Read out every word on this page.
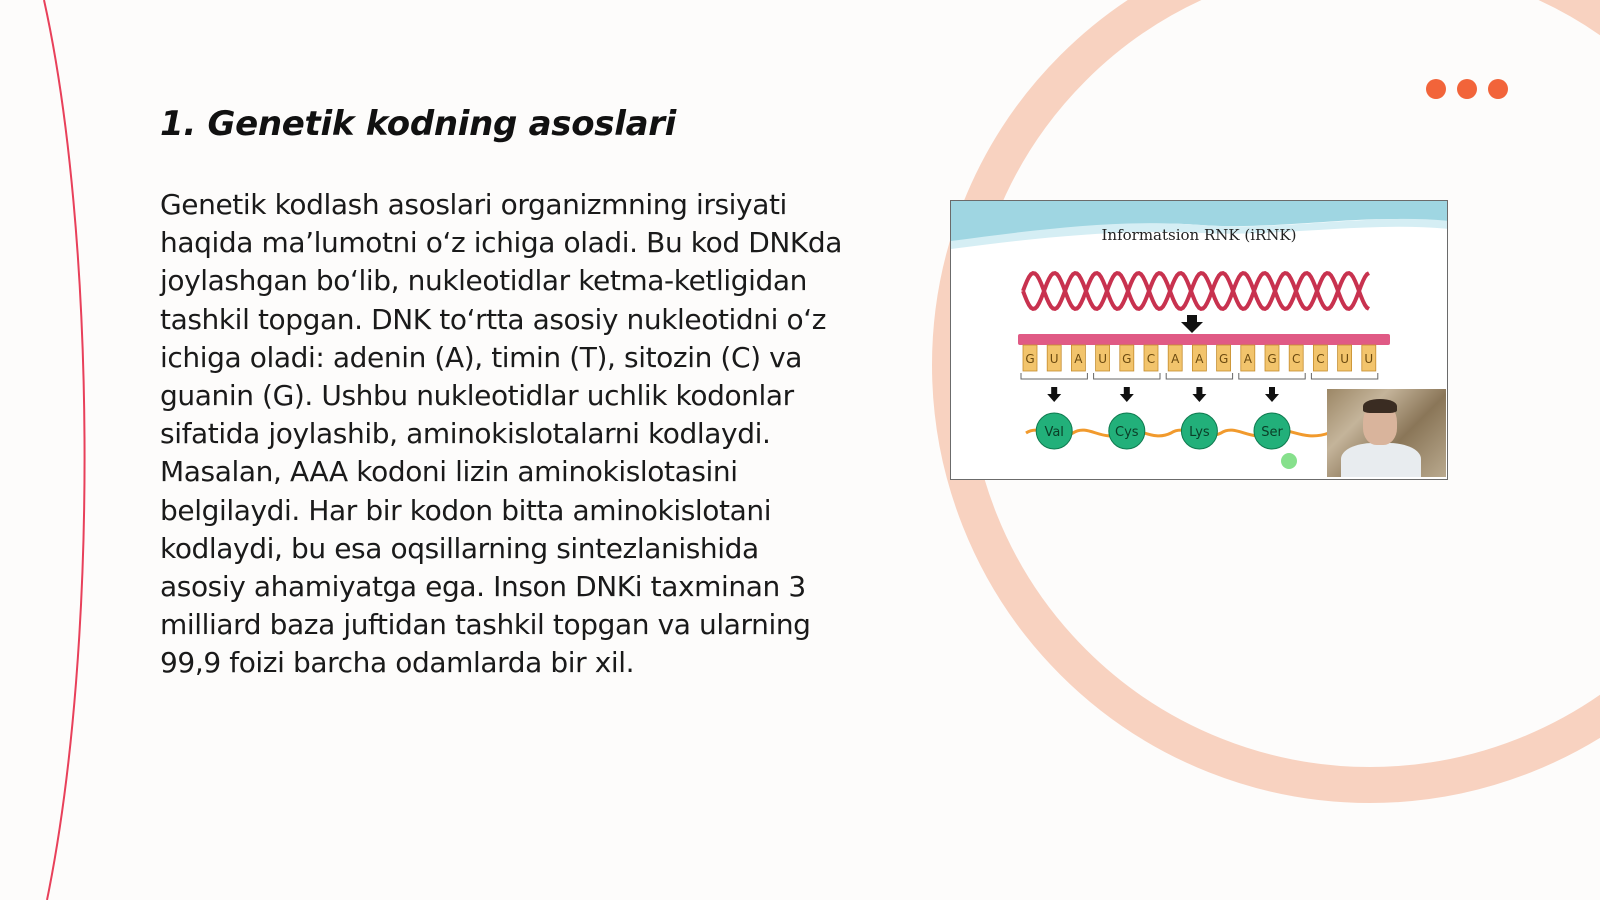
1. Genetik kodning asoslari

Genetik kodlash asoslari organizmning irsiyati haqida ma’lumotni o‘z ichiga oladi. Bu kod DNKda joylashgan bo‘lib, nukleotidlar ketma-ketligidan tashkil topgan. DNK to‘rtta asosiy nukleotidni o‘z ichiga oladi: adenin (A), timin (T), sitozin (C) va guanin (G). Ushbu nukleotidlar uchlik kodonlar sifatida joylashib, aminokislotalarni kodlaydi. Masalan, AAA kodoni lizin aminokislotasini belgilaydi. Har bir kodon bitta aminokislotani kodlaydi, bu esa oqsillarning sintezlanishida asosiy ahamiyatga ega. Inson DNKi taxminan 3 milliard baza juftidan tashkil topgan va ularning 99,9 foizi barcha odamlarda bir xil.

G U A U G C A A G A G C C U U
Val	Cys	Lys	Ser
Informatsion RNK (iRNK)
